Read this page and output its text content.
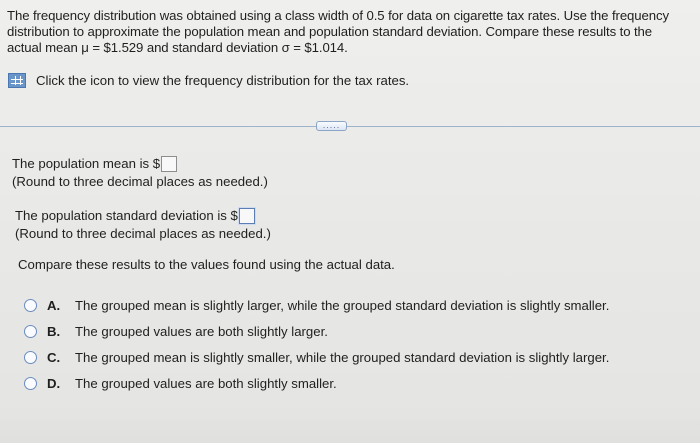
The frequency distribution was obtained using a class width of 0.5 for data on cigarette tax rates. Use the frequency
distribution to approximate the population mean and population standard deviation. Compare these results to the
actual mean μ = $1.529 and standard deviation σ = $1.014.
Click the icon to view the frequency distribution for the tax rates.
.....
The population mean is $
(Round to three decimal places as needed.)
The population standard deviation is $
(Round to three decimal places as needed.)
Compare these results to the values found using the actual data.
A.	The grouped mean is slightly larger, while the grouped standard deviation is slightly smaller.
B.	The grouped values are both slightly larger.
C.	The grouped mean is slightly smaller, while the grouped standard deviation is slightly larger.
D.	The grouped values are both slightly smaller.
